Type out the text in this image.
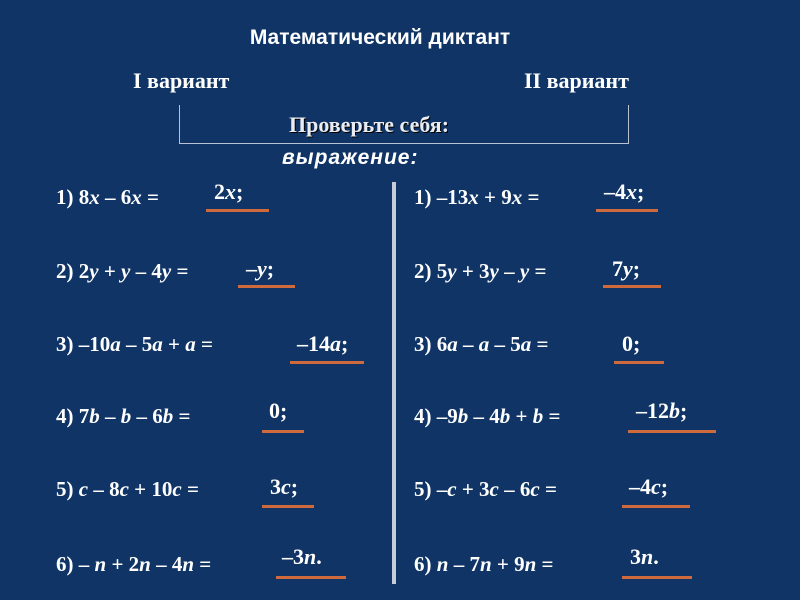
Математический диктант
I вариант	II вариант
Проверьте себя:
выражение:
1) 8x – 6x =	2x;
2) 2y + y – 4y =	–y;
3) –10a – 5a + a =	–14a;
4) 7b – b – 6b =	0;
5) c – 8c + 10c =	3c;
6) – n + 2n – 4n =	–3n.
1) –13x + 9x =	–4x;
2) 5y + 3y – y =	7y;
3) 6a – a – 5a =	0;
4) –9b – 4b + b =	–12b;
5) –c + 3c – 6c =	–4c;
6) n – 7n + 9n =	3n.
